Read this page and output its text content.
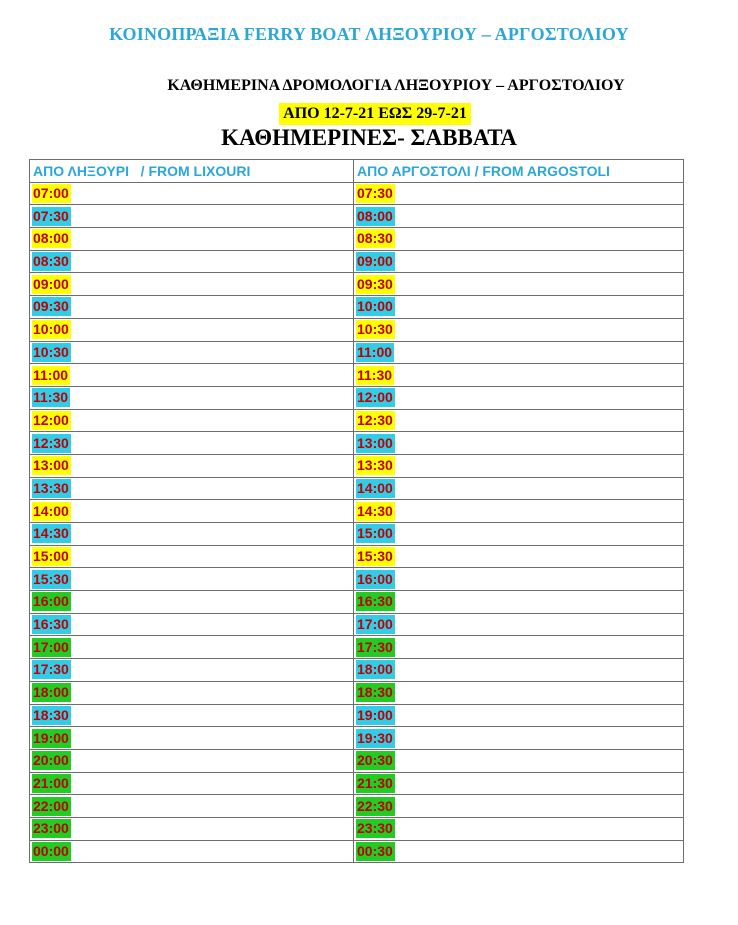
ΚΟΙΝΟΠΡΑΞΙΑ FERRY BOAT ΛΗΞΟΥΡΙΟΥ – ΑΡΓΟΣΤΟΛΙΟΥ
ΚΑΘΗΜΕΡΙΝΑ ΔΡΟΜΟΛΟΓΙΑ ΛΗΞΟΥΡΙΟΥ – ΑΡΓΟΣΤΟΛΙΟΥ
ΑΠΟ 12-7-21 ΕΩΣ 29-7-21
ΚΑΘΗΜΕΡΙΝΕΣ- ΣΑΒΒΑΤΑ
ΑΠΟ ΛΗΞΟΥΡΙ   / FROM LIXOURI	ΑΠΟ ΑΡΓΟΣΤΟΛΙ / FROM ARGOSTOLI
07:00	07:30
07:30	08:00
08:00	08:30
08:30	09:00
09:00	09:30
09:30	10:00
10:00	10:30
10:30	11:00
11:00	11:30
11:30	12:00
12:00	12:30
12:30	13:00
13:00	13:30
13:30	14:00
14:00	14:30
14:30	15:00
15:00	15:30
15:30	16:00
16:00	16:30
16:30	17:00
17:00	17:30
17:30	18:00
18:00	18:30
18:30	19:00
19:00	19:30
20:00	20:30
21:00	21:30
22:00	22:30
23:00	23:30
00:00	00:30
